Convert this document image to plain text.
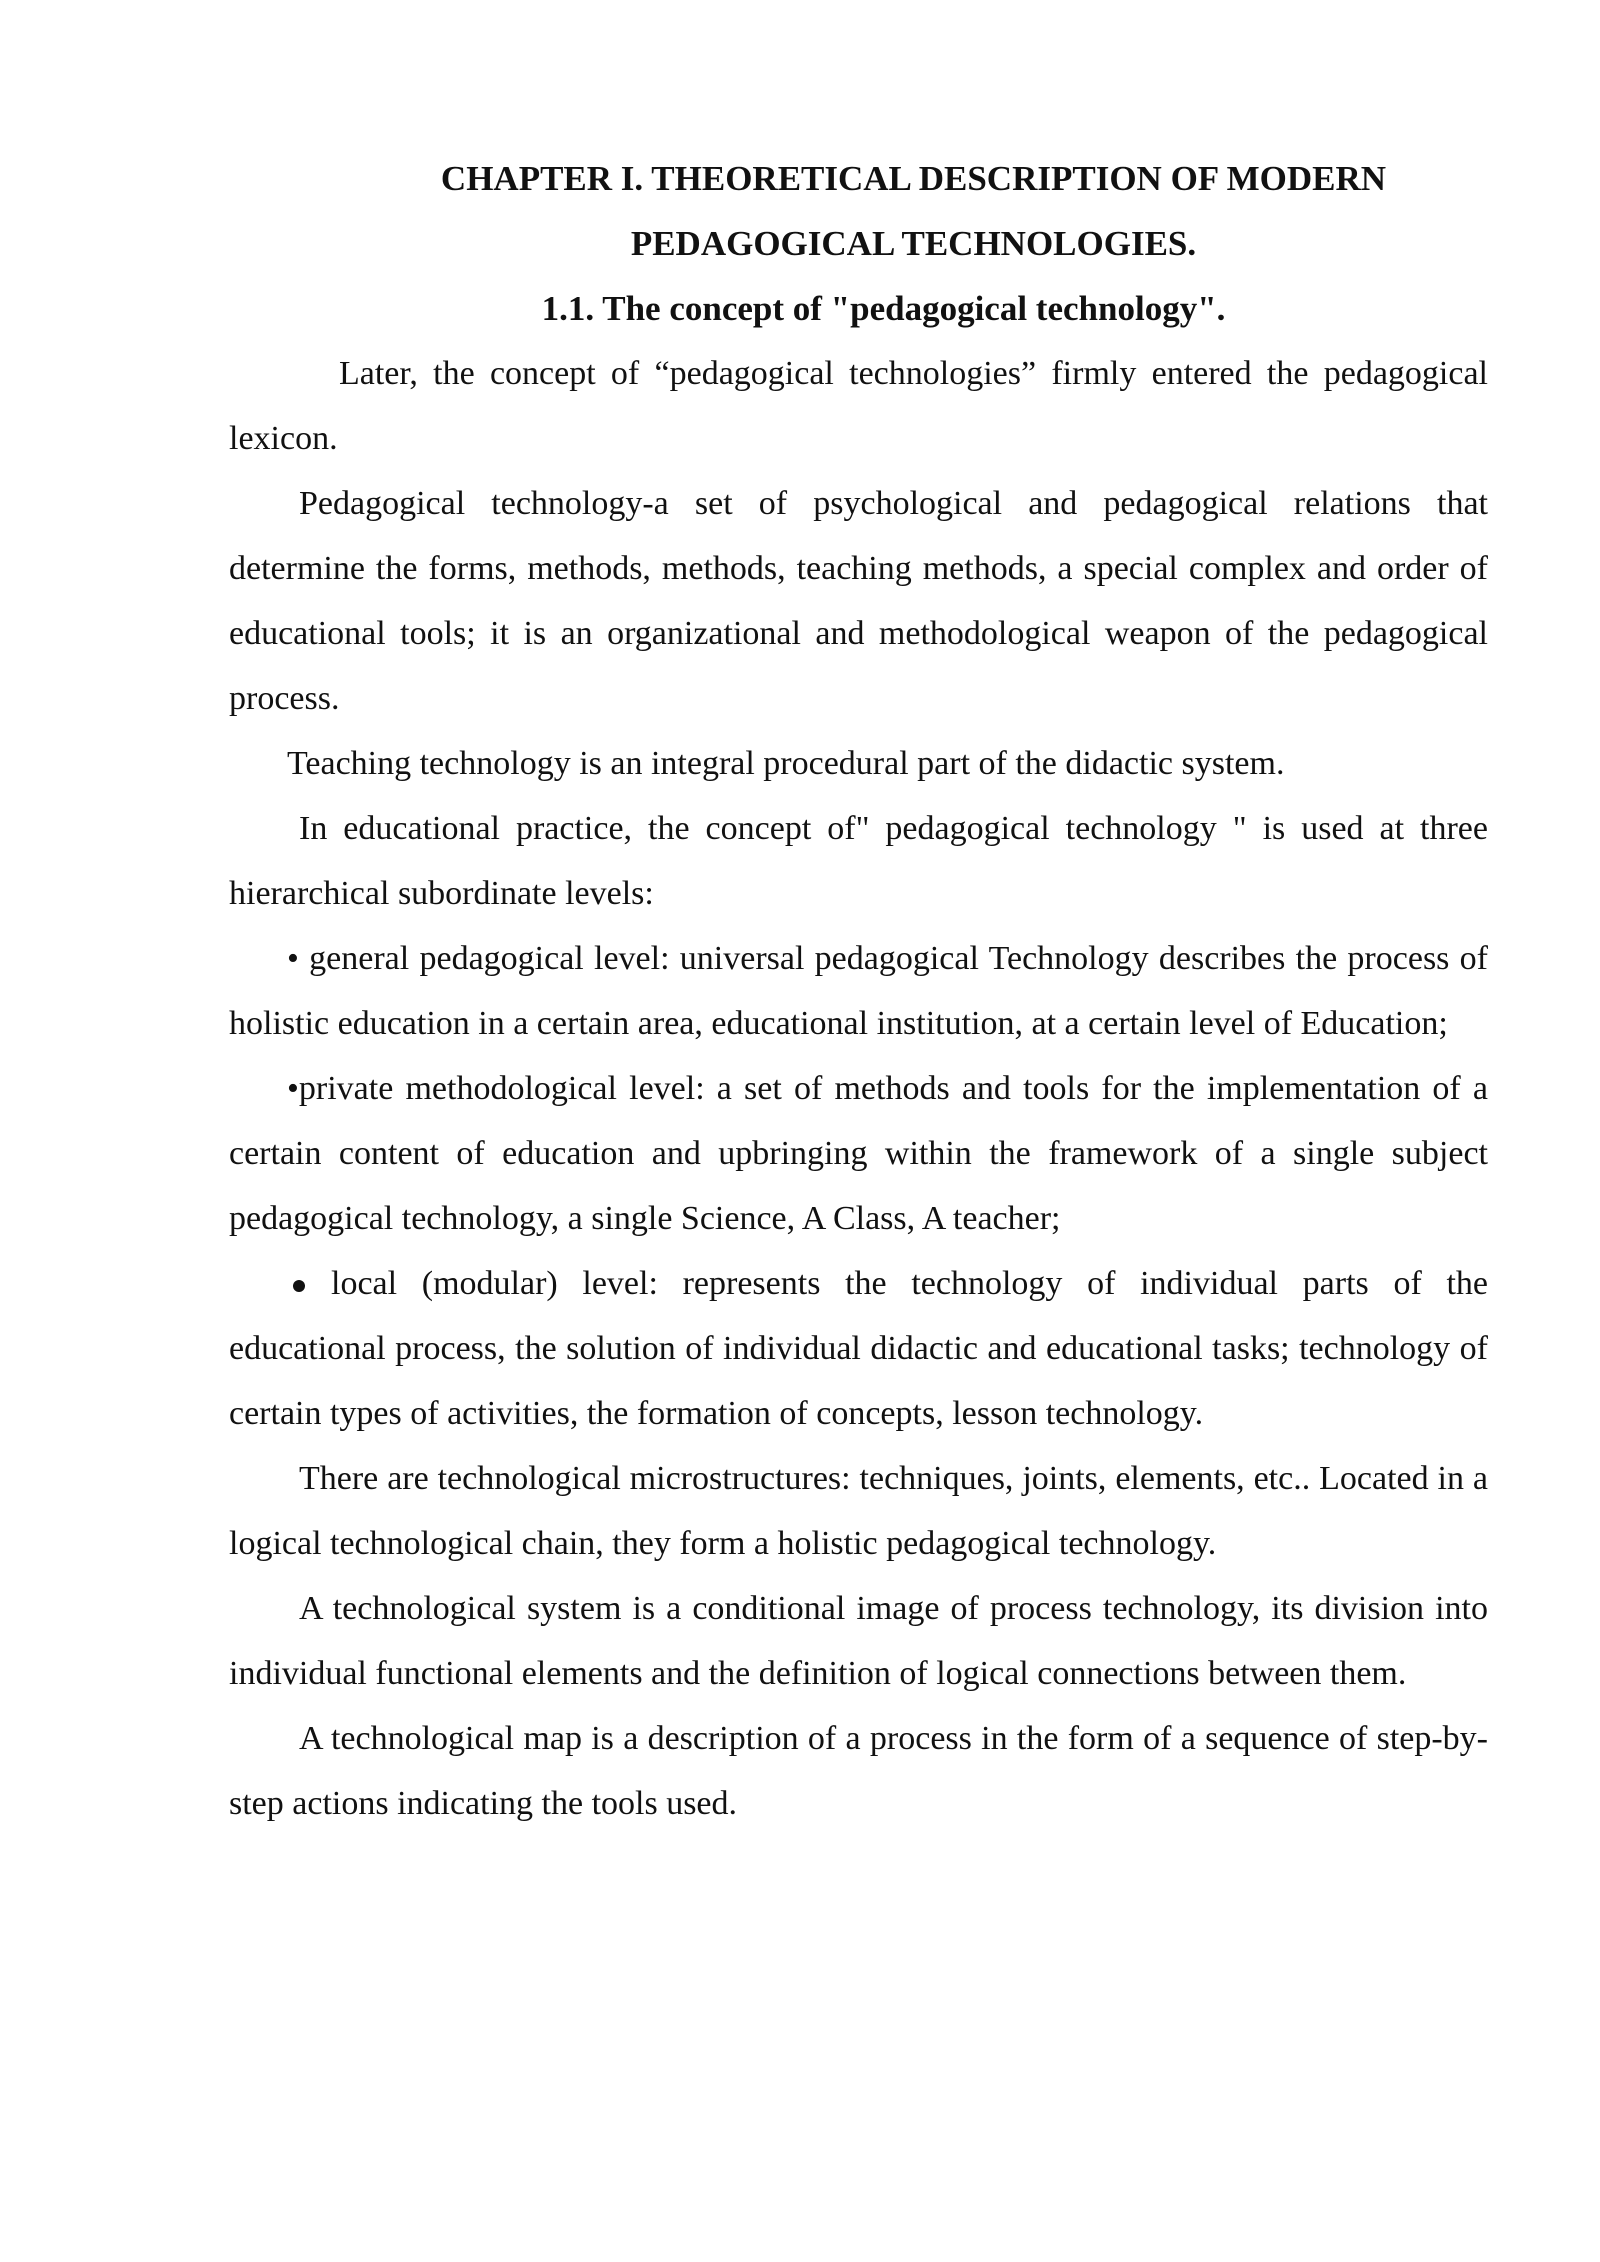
CHAPTER I. THEORETICAL DESCRIPTION OF MODERN PEDAGOGICAL TECHNOLOGIES.
1.1. The concept of "pedagogical technology".

Later, the concept of “pedagogical technologies” firmly entered the pedagogical lexicon.

Pedagogical technology-a set of psychological and pedagogical relations that determine the forms, methods, methods, teaching methods, a special complex and order of educational tools; it is an organizational and methodological weapon of the pedagogical process.

Teaching technology is an integral procedural part of the didactic system.

In educational practice, the concept of" pedagogical technology " is used at three hierarchical subordinate levels:

• general pedagogical level: universal pedagogical Technology describes the process of holistic education in a certain area, educational institution, at a certain level of Education;

•private methodological level: a set of methods and tools for the implementation of a certain content of education and upbringing within the framework of a single subject pedagogical technology, a single Science, A Class, A teacher;

local (modular) level: represents the technology of individual parts of the educational process, the solution of individual didactic and educational tasks; technology of certain types of activities, the formation of concepts, lesson technology.

There are technological microstructures: techniques, joints, elements, etc.. Located in a logical technological chain, they form a holistic pedagogical technology.

A technological system is a conditional image of process technology, its division into individual functional elements and the definition of logical connections between them.

A technological map is a description of a process in the form of a sequence of step-by-step actions indicating the tools used.
